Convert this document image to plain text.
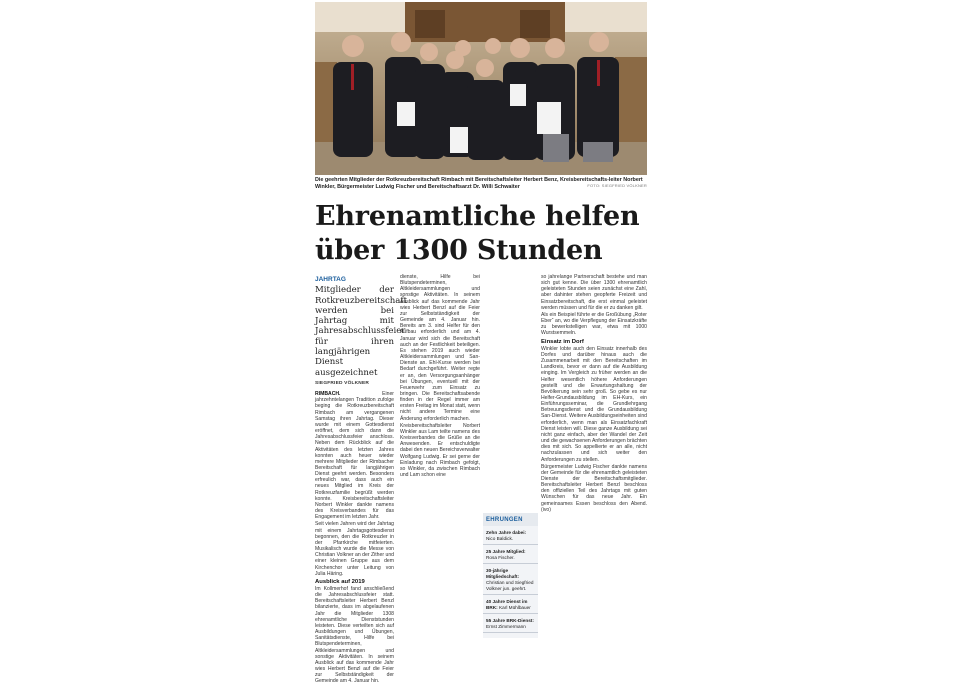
Die geehrten Mitglieder der Rotkreuzbereitschaft Rimbach mit Bereitschaftsleiter Herbert Benz, Kreisbereitschafts-leiter Norbert Winkler, Bürgermeister Ludwig Fischer und Bereitschaftsarzt Dr. Willi Schwaiter	FOTO: SIEGFRIED VÖLKNER
Ehrenamtliche helfen
über 1300 Stunden
JAHRTAG Mitglieder der Rotkreuzbereitschaft werden bei Jahrtag mit Jahresabschlussfeier für ihren langjährigen Dienst ausgezeichnet
SIEGFRIED VÖLKNER

RIMBACH.	Einer jahrzehntelangen Tradition zufolge beging die Rotkreuzbereitschaft Rimbach am vergangenen Samstag ihren Jahrtag. Dieser wurde mit einem Gottesdienst eröffnet, dem sich dann die Jahresabschlussfeier anschloss. Neben dem Rückblick auf die Aktivitäten des letzten Jahres konnten auch heuer wieder mehrere Mitglieder der Rimbacher Bereitschaft für langjährigen Dienst geehrt werden. Besonders erfreulich war, dass auch ein neues Mitglied im Kreis der Rotkreuzfamilie begrüßt werden konnte. Kreisbereitschaftsleiter Norbert Winkler dankte namens des Kreisverbandes für das Engagement im letzten Jahr.

Seit vielen Jahren wird der Jahrtag mit einem Jahrtagsgottesdienst begonnen, den die Rotkreuzler in der Pfarrkirche mitfeierten. Musikalisch wurde die Messe von Christian Volkner an der Zither und einer kleinen Gruppe aus dem Kirchenchor unter Leitung von Julia Häring.

Ausblick auf 2019

Im Kollmerhof fand anschließend die Jahresabschlussfeier statt. Bereitschaftsleiter Herbert Benzl bilanzierte, dass im abgelaufenen Jahr die Mitglieder 1308 ehrenamtliche Dienststunden leisteten. Diese verteilten sich auf Ausbildungen und Übungen, Sanitätsdienste, Hilfe bei Blutspendeterminen, Altkleidersammlungen und sonstige Aktivitäten. In seinem Ausblick auf das kommende Jahr wies Herbert Benzl auf die Feier zur Selbstständigkeit der Gemeinde am 4. Januar hin.

dienste, Hilfe bei Blutspendeterminen, Altkleidersammlungen und sonstige Aktivitäten. In seinem Ausblick auf das kommende Jahr wies Herbert Benzl auf die Feier zur Selbstständigkeit der Gemeinde am 4. Januar hin. Bereits am 3. sind Helfer für den Aufbau erforderlich und am 4. Januar wird sich die Bereitschaft auch an der Festlichkeit beteiligen. Es stehen 2019 auch wieder Altkleidersammlungen und San-Dienste an. Ehl-Kurse werden bei Bedarf durchgeführt. Weiter regte er an, den Versorgungsanhänger bei Übungen, eventuell mit der Feuerwehr zum Einsatz zu bringen. Die Bereitschaftsabende finden in der Regel immer am ersten Freitag im Monat statt, wenn nicht andere Termine eine Änderung erforderlich machen.

Kreisbereitschaftsleiter Norbert Winkler aus Lam teilte namens des Kreisverbandes die Grüße an die Anwesenden. Er entschuldigte dabei den neuen Bereichsverwalter Wolfgang Ludwig. Er sei gerne der Einladung nach Rimbach gefolgt, so Winkler, da zwischen Rimbach und Lam schon eine

so jahrelange Partnerschaft bestehe und man sich gut kenne. Die über 1300 ehrenamtlich geleisteten Stunden seien zunächst eine Zahl, aber dahinter stehen geopferte Freizeit und Einsatzbereitschaft, die erst einmal geleistet werden müssen und für die er zu danken gilt.

Als ein Beispiel führte er die Großübung „Roter Eber“ an, wo die Verpflegung der Einsatzkräfte zu bewerkstelligen war, etwa mit 1000 Wurstsemmeln.

Einsatz im Dorf

Winkler lobte auch den Einsatz innerhalb des Dorfes und darüber hinaus auch die Zusammenarbeit mit den Bereitschaften im Landkreis, bevor er dann auf die Ausbildung einging. Im Vergleich zu früher werden an die Helfer wesentlich höhere Anforderungen gestellt und die Erwartungshaltung der Bevölkerung sein sehr groß. So gebe es nur Helfer-Grundausbildung im EH-Kurs, ein Einführungsseminar, die Grundlehrgang Betreuungsdienst und die Grundausbildung San-Dienst. Weitere Ausbildungseinheiten sind erforderlich, wenn man als Einsatzfachkraft Dienst leisten will. Diese ganze Ausbildung sei nicht ganz einfach, aber der Wandel der Zeit und die gewachsenen Anforderungen brächten dies mit sich. So appellierte er an alle, nicht nachzulassen und sich weiter den Anforderungen zu stellen.

Bürgermeister Ludwig Fischer dankte namens der Gemeinde für die ehrenamtlich geleisteten Dienste der Bereitschaftsmitglieder. Bereitschaftsleiter Herbert Benzl beschloss den offiziellen Teil des Jahrtags mit guten Wünschen für das neue Jahr. Ein gemeinsames Essen beschloss den Abend. (ivo)

EHRUNGEN
Zehn Jahre dabei: Nico Baldick.
25 Jahre Mitglied: Rosa Fischer.
30-jährige Mitgliedschaft: Christian und Siegfried Volkner jun. geehrt.
40 Jahre Dienst im BRK: Karl Mühlbauer
55 Jahre BRK-Dienst: Ernst Zimmermann
